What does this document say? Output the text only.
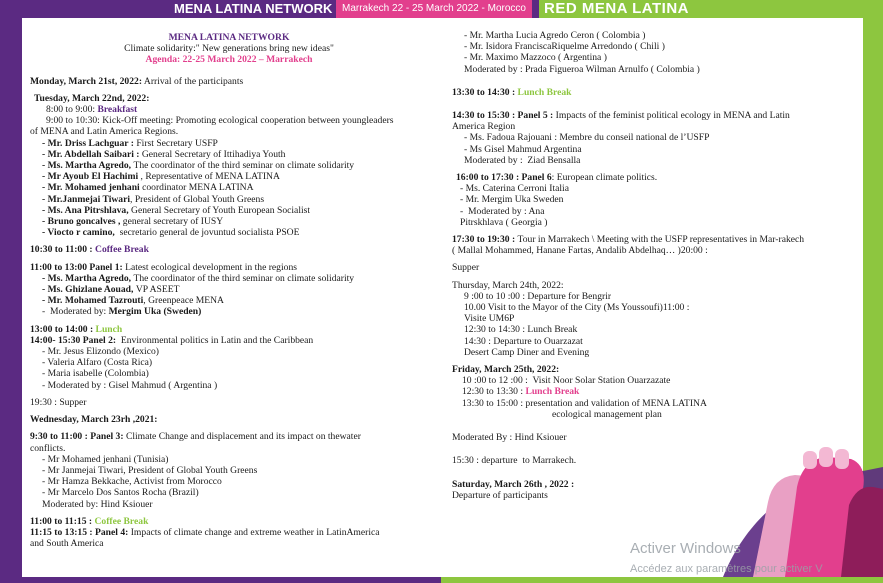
MENA LATINA NETWORK Marrakech 22 - 25 March 2022 - Morocco	RED MENA LATINA
MENA LATINA NETWORK
Climate solidarity:" New generations bring new ideas"
Agenda: 22-25 March 2022 – Marrakech

Monday, March 21st, 2022: Arrival of the participants

Tuesday, March 22nd, 2022:

8:00 to 9:00: Breakfast

9:00 to 10:30: Kick-Off meeting: Promoting ecological cooperation between youngleaders

of MENA and Latin America Regions.

- Mr. Driss Lachguar : First Secretary USFP

- Mr. Abdellah Saibari : General Secretary of Ittihadiya Youth

- Ms. Martha Agredo, The coordinator of the third seminar on climate solidarity

- Mr Ayoub El Hachimi , Representative of MENA LATINA

- Mr. Mohamed jenhani coordinator MENA LATINA

- Mr.Janmejai Tiwari, President of Global Youth Greens

- Ms. Ana Pitrshlava, General Secretary of Youth European Socialist

- Bruno goncalves , general secretary of IUSY

- Viocto r camino,  secretario general de jovuntud socialista PSOE

10:30 to 11:00 : Coffee Break

11:00 to 13:00 Panel 1: Latest ecological development in the regions

- Ms. Martha Agredo, The coordinator of the third seminar on climate solidarity

- Ms. Ghizlane Aouad, VP ASEET

- Mr. Mohamed Tazrouti, Greenpeace MENA

-  Moderated by: Mergim Uka (Sweden)

13:00 to 14:00 : Lunch

14:00- 15:30 Panel 2:  Environmental politics in Latin and the Caribbean

- Mr. Jesus Elizondo (Mexico)

- Valeria Alfaro (Costa Rica)

- Maria isabelle (Colombia)

- Moderated by : Gisel Mahmud ( Argentina )

19:30 : Supper

Wednesday, March 23rh ,2021:

9:30 to 11:00 : Panel 3: Climate Change and displacement and its impact on thewater

conflicts.

- Mr Mohamed jenhani (Tunisia)

- Mr Janmejai Tiwari, President of Global Youth Greens

- Mr Hamza Bekkache, Activist from Morocco

- Mr Marcelo Dos Santos Rocha (Brazil)

Moderated by: Hind Ksiouer

11:00 to 11:15 : Coffee Break

11:15 to 13:15 : Panel 4: Impacts of climate change and extreme weather in LatinAmerica

and South America

- Mr. Martha Lucia Agredo Ceron ( Colombia )

- Mr. Isidora FranciscaRiquelme Arredondo ( Chili )

- Mr. Maximo Mazzoco ( Argentina )

Moderated by : Prada Figueroa Wilman Arnulfo ( Colombia )

13:30 to 14:30 : Lunch Break

14:30 to 15:30 : Panel 5 : Impacts of the feminist political ecology in MENA and Latin

America Region

- Ms. Fadoua Rajouani : Membre du conseil national de l’USFP

- Ms Gisel Mahmud Argentina

Moderated by :  Ziad Bensalla

16:00 to 17:30 : Panel 6: European climate politics.

- Ms. Caterina Cerroni Italia

- Mr. Mergim Uka Sweden

-  Moderated by : Ana

Pitrskhlava ( Georgia )

17:30 to 19:30 : Tour in Marrakech \ Meeting with the USFP representatives in Mar-rakech

( Mallal Mohammed, Hanane Fartas, Andalib Abdelhaq… )20:00 :

Supper

Thursday, March 24th, 2022:

9 :00 to 10 :00 : Departure for Bengrir

10.00 Visit to the Mayor of the City (Ms Youssoufi)11:00 :

Visite UM6P

12:30 to 14:30 : Lunch Break

14:30 : Departure to Ouarzazat

Desert Camp Diner and Evening

Friday, March 25th, 2022:

10 :00 to 12 :00 :  Visit Noor Solar Station Ouarzazate

12:30 to 13:30 : Lunch Break

13:30 to 15:00 : presentation and validation of MENA LATINA

ecological management plan

Moderated By : Hind Ksiouer

15:30 : departure  to Marrakech.

Saturday, March 26th , 2022 :

Departure of participants

Activer Windows
Accédez aux paramètres pour activer V
